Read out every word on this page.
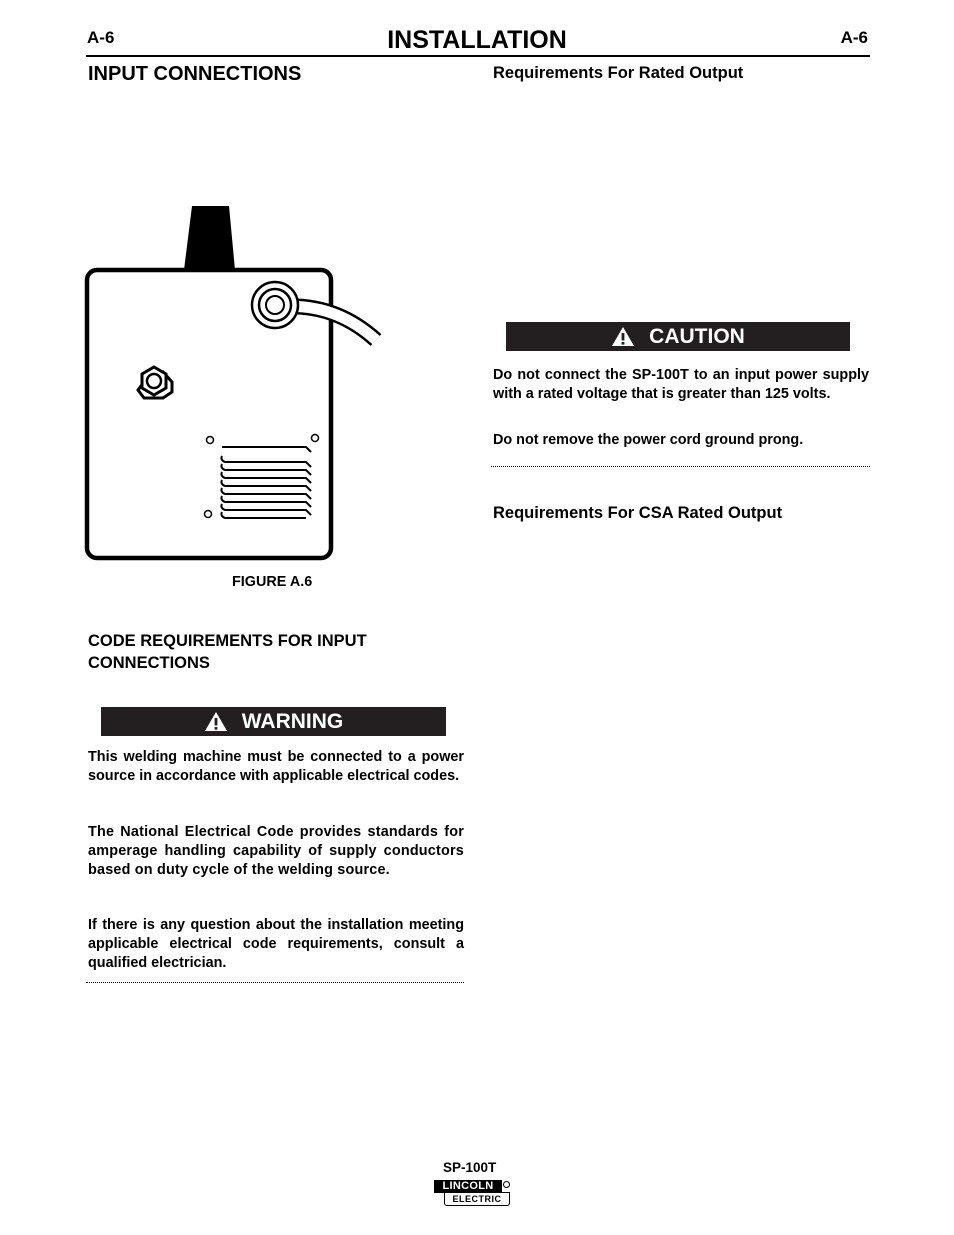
A-6	INSTALLATION	A-6
INPUT CONNECTIONS
FIGURE A.6
CODE REQUIREMENTS FOR INPUT CONNECTIONS
WARNING
This welding machine must be connected to a power source in accordance with applicable electrical codes.
The National Electrical Code provides standards for amperage handling capability of supply conductors based on duty cycle of the welding source.
If there is any question about the installation meeting applicable electrical code requirements, consult a qualified electrician.
Requirements For Rated Output
CAUTION
Do not connect the SP-100T to an input power supply with a rated voltage that is greater than 125 volts.
Do not remove the power cord ground prong.
Requirements For CSA Rated Output
SP-100T
LINCOLN
ELECTRIC
